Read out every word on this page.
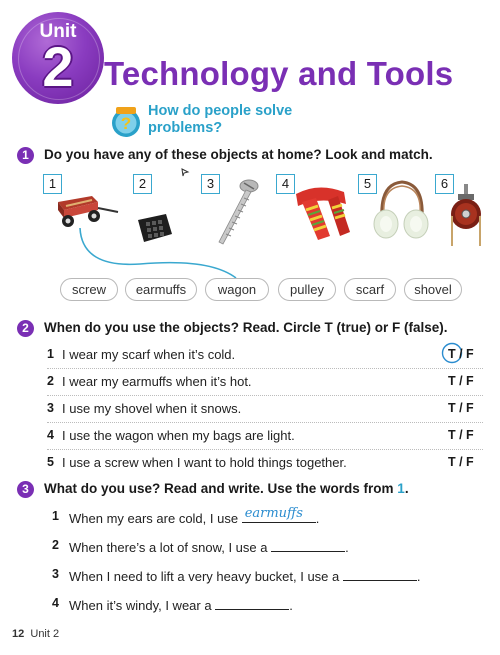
Unit
2 Technology and Tools
?
How do people solve problems?
1	Do you have any of these objects at home? Look and match.
1	2	3	4	5	6
screw	earmuffs	wagon	pulley	scarf	shovel
2	When do you use the objects? Read. Circle T (true) or F (false).
1 I wear my scarf when it’s cold.	T / F
2 I wear my earmuffs when it’s hot.	T / F
3 I use my shovel when it snows.	T / F
4 I use the wagon when my bags are light.	T / F
5 I use a screw when I want to hold things together.	T / F
3	What do you use? Read and write. Use the words from 1.
1 When my ears are cold, I use earmuffs .
2 When there’s a lot of snow, I use a	.
3 When I need to lift a very heavy bucket, I use a	.
4 When it’s windy, I wear a	.
12 Unit 2
